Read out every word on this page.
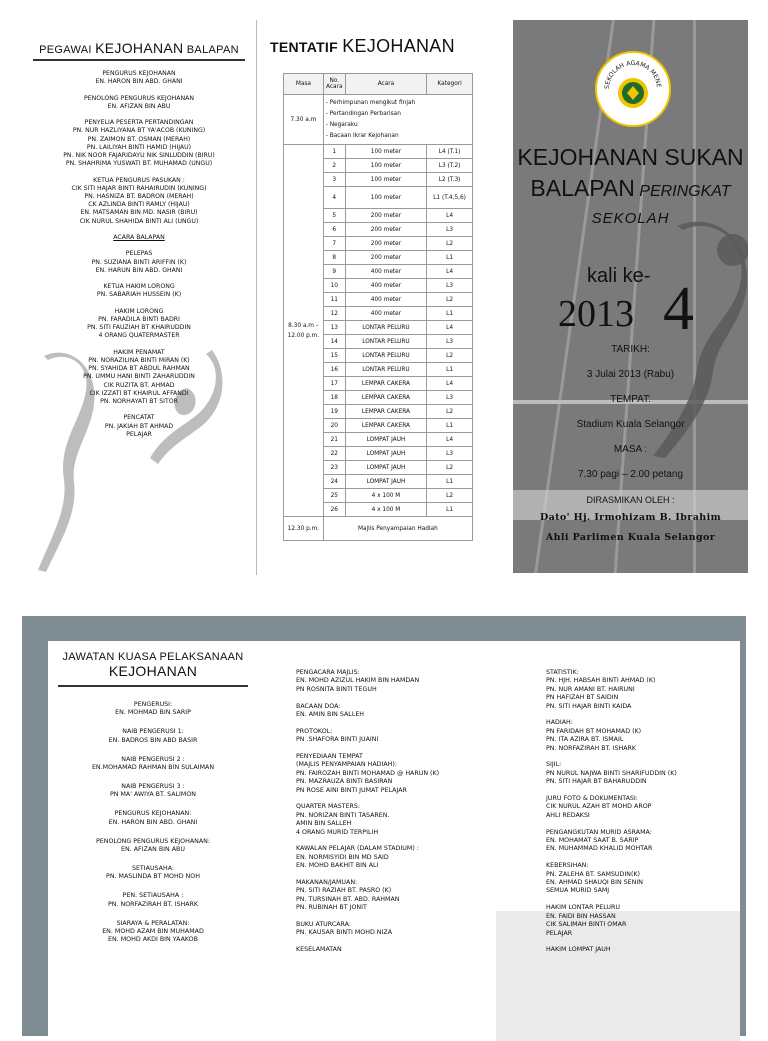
PEGAWAI KEJOHANAN BALAPAN
PENGURUS KEJOHANAN
EN. HARON BIN ABD. GHANI
PENOLONG PENGURUS KEJOHANAN
EN. AFIZAN BIN ABU
PENYELIA PESERTA PERTANDINGAN
PN. NUR HAZLIYANA BT YA'ACOB (KUNING)
PN. ZAIMON BT. OSMAN (MERAH)
PN. LAILIYAH BINTI HAMID (HIJAU)
PN. NIK NOOR FAJARIDAYU NIK SINLUDDIN (BIRU)
PN. SHAHRIMA YUSWATI BT. MUHAMAD (UNGU)
KETUA PENGURUS PASUKAN :
CIK SITI HAJAR BINTI RAHAIRUDIN (KUNING)
PN. HASNIZA BT. BADRON (MERAH)
CK AZLINDA BINTI RAMLY (HIJAU)
EN. MATSAMAN BIN MD. NASIR (BIRU)
CIK NURUL SHAHIDA BINTI ALI (UNGU)
ACARA BALAPAN
PELEPAS
PN. SUZIANA BINTI ARIFFIN (K)
EN. HARUN BIN ABD. GHANI
KETUA HAKIM LORONG
PN. SABARIAH HUSSEIN (K)
HAKIM LORONG
PN. FARADILA BINTI BADRI
PN. SITI FAUZIAH BT KHAIRUDDIN
4 ORANG QUATERMASTER
HAKIM PENAMAT
PN. NORAZILINA BINTI MIRAN (K)
PN. SYAHIDA BT ABDUL RAHMAN
PN. UMMU HANI BINTI ZAHARUDDIN
CIK RUZITA BT. AHMAD
CIK IZZATI BT KHAIRUL AFFANDI
PN. NORHAYATI BT SITOR
PENCATAT
PN. JAKIAH BT AHMAD
PELAJAR
TENTATIF KEJOHANAN
Masa	No. Acara	Acara	Kategori
7.30 a.m	- Perhimpunan mengikut finjah
- Pertandingan Perbarisan
- Negaraku
- Bacaan Ikrar Kejohanan		

8.30 a.m – 12.00 p.m.	1	100 meter	L4 (T.1)
	2	100 meter	L3 (T.2)
	3	100 meter	L2 (T.3)
	4	100 meter	L1 (T.4,5,6)
	5	200 meter	L4
	6	200 meter	L3
	7	200 meter	L2
	8	200 meter	L1
	9	400 meter	L4
	10	400 meter	L3
	11	400 meter	L2
	12	400 meter	L1
	13	LONTAR PELURU	L4
	14	LONTAR PELURU	L3
	15	LONTAR PELURU	L2
	16	LONTAR PELURU	L1
	17	LEMPAR CAKERA	L4
	18	LEMPAR CAKERA	L3
	19	LEMPAR CAKERA	L2
	20	LEMPAR CAKERA	L1
	21	LOMPAT JAUH	L4
	22	LOMPAT JAUH	L3
	23	LOMPAT JAUH	L2
	24	LOMPAT JAUH	L1
	25	4 x 100 M	L2
	26	4 x 100 M	L1
12.30 p.m.	Majlis Penyampaian Hadiah		
SEKOLAH AGAMA MENE
KEJOHANAN SUKAN
BALAPAN PERINGKAT
SEKOLAH
kali ke-
2013 4
TARIKH:
3 Julai 2013 (Rabu)
TEMPAT:
Stadium Kuala Selangor
MASA :
7.30 pagi – 2.00 petang
DIRASMIKAN OLEH :
Dato' Hj. Irmohizam B. Ibrahim
Ahli Parlimen Kuala Selangor
JAWATAN KUASA PELAKSANAAN
KEJOHANAN
PENGERUSI:
EN. MOHMAD BIN SARIP
NAIB PENGERUSI 1:
EN. BADROS BIN ABD BASIR
NAIB PENGERUSI 2 :
EN.MOHAMAD RAHMAN BIN SULAIMAN
NAIB PENGERUSI 3 :
PN MA' AWIYA BT. SALIMON
PENGURUS KEJOHANAN:
EN. HARON BIN ABD. GHANI
PENOLONG PENGURUS KEJOHANAN:
EN. AFIZAN BIN ABU
SETIAUSAHA:
PN. MASLINDA BT MOHD NOH
PEN. SETIAUSAHA :
PN. NORFAZIRAH BT. ISHARK
SIARAYA & PERALATAN:
EN. MOHD AZAM BIN MUHAMAD
EN. MOHD AKDI BIN YAAKOB
PENGACARA MAJLIS:
EN. MOHD AZIZUL HAKIM BIN HAMDAN
PN ROSNITA BINTI TEGUH
BACAAN DOA:
EN. AMIN BIN SALLEH
PROTOKOL:
PN .SHAFORA BINTI JUAINI
PENYEDIAAN TEMPAT
(MAJLIS PENYAMPAIAN HADIAH):
PN. FAIROZAH BINTI MOHAMAD @ HARUN (K)
PN. MAZRAUZA BINTI BASIRAN
PN ROSE AINI BINTI JUMAT PELAJAR
QUARTER MASTERS:
PN. NORIZAN BINTI TASAREN.
AMIN BIN SALLEH
4 ORANG MURID TERPILIH
KAWALAN PELAJAR (DALAM STADIUM) :
EN. NORMISYIDI BIN MD SAID
EN. MOHD BAKHIT BIN ALI
MAKANAN/JAMUAN:
PN. SITI RAZIAH BT. PASRO (K)
PN. TURSINAH BT. ABD. RAHMAN
PN. RUBINAH BT JONIT
BUKU ATURCARA:
PN. KAUSAR BINTI MOHD NIZA
KESELAMATAN
STATISTIK:
PN. HJH. HABSAH BINTI AHMAD (K)
PN. NUR AMANI BT. HAIRUNI
PN HAFIZAH BT SAIDIN
PN. SITI HAJAR BINTI KAIDA
HADIAH:
PN FARIDAH BT MOHAMAD (K)
PN. ITA AZIRA BT. ISMAIL
PN. NORFAZIRAH BT. ISHARK
SIJIL:
PN NURUL NAJWA BINTI SHARIFUDDIN (K)
PN. SITI HAJAR BT BAHARUDDIN
JURU FOTO & DOKUMENTASI:
CIK NURUL AZAH BT MOHD AROP
AHLI REDAKSI
PENGANGKUTAN MURID ASRAMA:
EN. MOHAMAT SAAT B. SARIP
EN. MUHAMMAD KHALID MOHTAR
KEBERSIHAN:
PN. ZALEHA BT. SAMSUDIN(K)
EN. AHMAD SHAUQI BIN SENIN
SEMUA MURID SAMJ
HAKIM LONTAR PELURU
EN. FAIDI BIN HASSAN
CIK SALIMAH BINTI OMAR
PELAJAR
HAKIM LOMPAT JAUH
